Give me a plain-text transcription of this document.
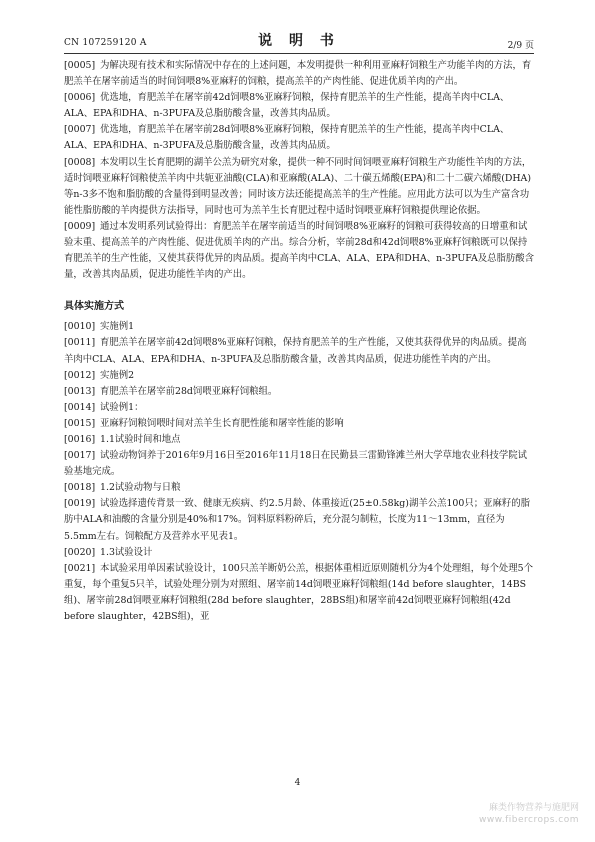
CN 107259120 A	说 明 书	2/9 页

[0005] 为解决现有技术和实际情况中存在的上述问题，本发明提供一种利用亚麻籽饲粮生产功能羊肉的方法，育肥羔羊在屠宰前适当的时间饲喂8%亚麻籽的饲粮，提高羔羊的产肉性能、促进优质羊肉的产出。

[0006] 优选地，育肥羔羊在屠宰前42d饲喂8%亚麻籽饲粮，保持育肥羔羊的生产性能，提高羊肉中CLA、ALA、EPA和DHA、n-3PUFA及总脂肪酸含量，改善其肉品质。

[0007] 优选地，育肥羔羊在屠宰前28d饲喂8%亚麻籽饲粮，保持育肥羔羊的生产性能，提高羊肉中CLA、ALA、EPA和DHA、n-3PUFA及总脂肪酸含量，改善其肉品质。

[0008] 本发明以生长育肥期的湖羊公羔为研究对象，提供一种不同时间饲喂亚麻籽饲粮生产功能性羊肉的方法，适时饲喂亚麻籽饲粮使羔羊肉中共轭亚油酸(CLA)和亚麻酸(ALA)、二十碳五烯酸(EPA)和二十二碳六烯酸(DHA)等n-3多不饱和脂肪酸的含量得到明显改善；同时该方法还能提高羔羊的生产性能。应用此方法可以为生产富含功能性脂肪酸的羊肉提供方法指导，同时也可为羔羊生长育肥过程中适时饲喂亚麻籽饲粮提供理论依据。

[0009] 通过本发明系列试验得出：育肥羔羊在屠宰前适当的时间饲喂8%亚麻籽的饲粮可获得较高的日增重和试验末重、提高羔羊的产肉性能、促进优质羊肉的产出。综合分析，宰前28d和42d饲喂8%亚麻籽饲粮既可以保持育肥羔羊的生产性能，又使其获得优异的肉品质。提高羊肉中CLA、ALA、EPA和DHA、n-3PUFA及总脂肪酸含量，改善其肉品质，促进功能性羊肉的产出。

具体实施方式

[0010] 实施例1

[0011] 育肥羔羊在屠宰前42d饲喂8%亚麻籽饲粮，保持育肥羔羊的生产性能，又使其获得优异的肉品质。提高羊肉中CLA、ALA、EPA和DHA、n-3PUFA及总脂肪酸含量，改善其肉品质，促进功能性羊肉的产出。

[0012] 实施例2

[0013] 育肥羔羊在屠宰前28d饲喂亚麻籽饲粮组。

[0014] 试验例1：

[0015] 亚麻籽饲粮饲喂时间对羔羊生长育肥性能和屠宰性能的影响

[0016] 1.1试验时间和地点

[0017] 试验动物饲养于2016年9月16日至2016年11月18日在民勤县三雷勤锋滩兰州大学草地农业科技学院试验基地完成。

[0018] 1.2试验动物与日粮

[0019] 试验选择遗传背景一致、健康无疾病、约2.5月龄、体重接近(25±0.58kg)湖羊公羔100只；亚麻籽的脂肪中ALA和油酸的含量分别是40%和17%。饲料原料粉碎后，充分混匀制粒，长度为11～13mm，直径为5.5mm左右。饲粮配方及营养水平见表1。

[0020] 1.3试验设计

[0021] 本试验采用单因素试验设计，100只羔羊断奶公羔，根据体重相近原则随机分为4个处理组，每个处理5个重复，每个重复5只羊，试验处理分别为对照组、屠宰前14d饲喂亚麻籽饲粮组(14d before slaughter，14BS组)、屠宰前28d饲喂亚麻籽饲粮组(28d before slaughter，28BS组)和屠宰前42d饲喂亚麻籽饲粮组(42d before slaughter，42BS组)，亚

4
麻类作物营养与施肥网
www.fibercrops.com
